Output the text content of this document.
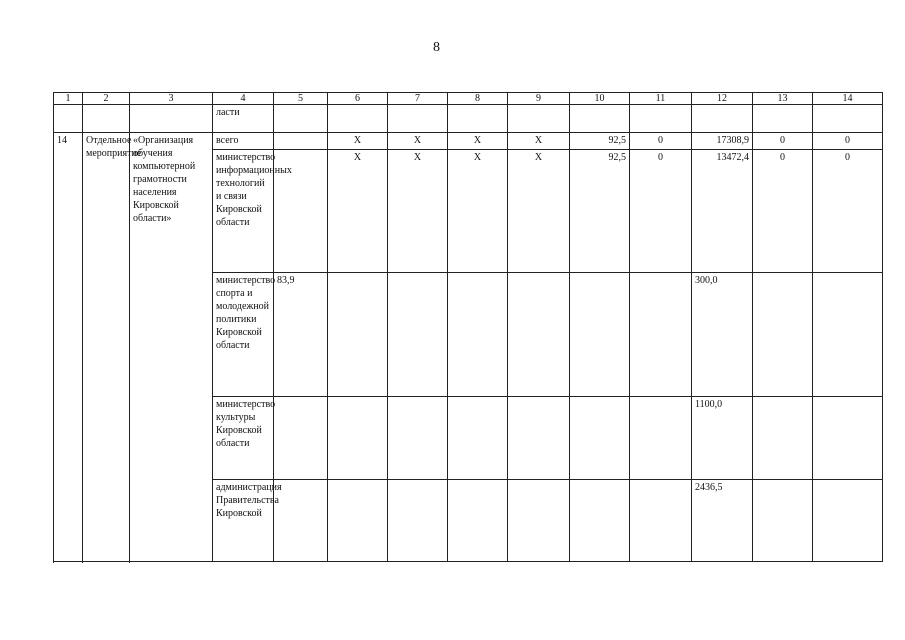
8
1	2	3	4	5	6	7	8	9	10	11	12	13	14	
			ласти											
14	Отдельное мероприятие	«Организация обучения компьютерной грамотности населения Кировской области»	всего		X	X	X	X	92,5	0	17308,9	0	0	
			министерство информационных технологий и связи Кировской области		X	X	X	X	92,5	0	13472,4	0	0	
			министерство спорта и молодежной политики Кировской области	83,9							300,0			
			министерство культуры Кировской области								1100,0			
			администрация Правительства Кировской								2436,5			
